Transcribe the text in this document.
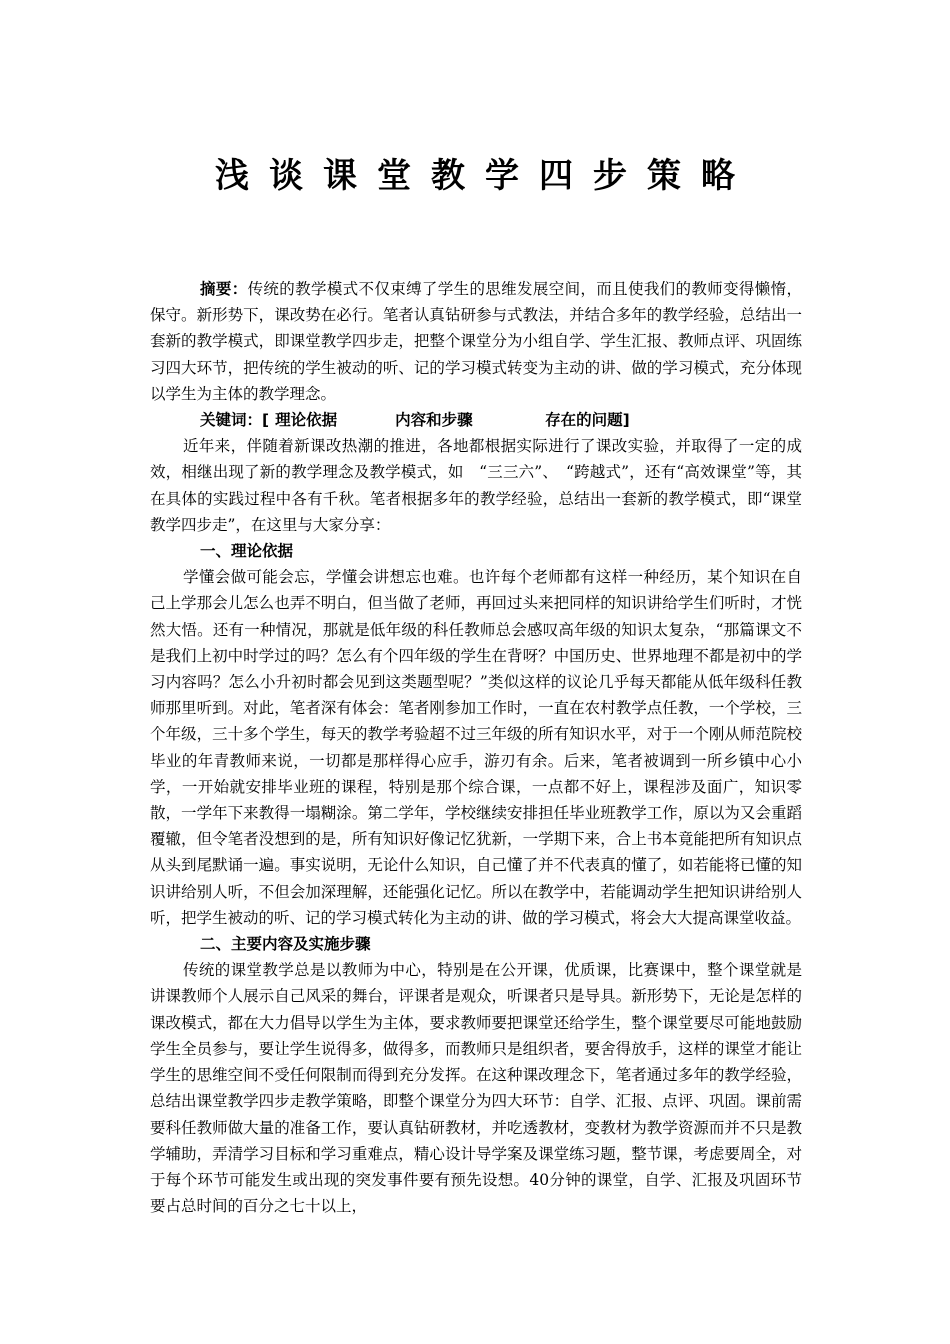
浅谈课堂教学四步策略

摘要：传统的教学模式不仅束缚了学生的思维发展空间，而且使我们的教师变得懒惰，保守。新形势下，课改势在必行。笔者认真钻研参与式教法，并结合多年的教学经验，总结出一套新的教学模式，即课堂教学四步走，把整个课堂分为小组自学、学生汇报、教师点评、巩固练习四大环节，把传统的学生被动的听、记的学习模式转变为主动的讲、做的学习模式，充分体现以学生为主体的教学理念。

关键词：[ 理论依据	内容和步骤	存在的问题]

近年来，伴随着新课改热潮的推进，各地都根据实际进行了课改实验，并取得了一定的成效，相继出现了新的教学理念及教学模式，如　“三三六”、　“跨越式”，还有“高效课堂”等，其在具体的实践过程中各有千秋。笔者根据多年的教学经验，总结出一套新的教学模式，即“课堂教学四步走”，在这里与大家分享：

一、理论依据

学懂会做可能会忘，学懂会讲想忘也难。也许每个老师都有这样一种经历，某个知识在自己上学那会儿怎么也弄不明白，但当做了老师，再回过头来把同样的知识讲给学生们听时，才恍然大悟。还有一种情况，那就是低年级的科任教师总会感叹高年级的知识太复杂，“那篇课文不是我们上初中时学过的吗？怎么有个四年级的学生在背呀？中国历史、世界地理不都是初中的学习内容吗？怎么小升初时都会见到这类题型呢？”类似这样的议论几乎每天都能从低年级科任教师那里听到。对此，笔者深有体会：笔者刚参加工作时，一直在农村教学点任教，一个学校，三个年级，三十多个学生，每天的教学考验超不过三年级的所有知识水平，对于一个刚从师范院校毕业的年青教师来说，一切都是那样得心应手，游刃有余。后来，笔者被调到一所乡镇中心小学，一开始就安排毕业班的课程，特别是那个综合课，一点都不好上，课程涉及面广，知识零散，一学年下来教得一塌糊涂。第二学年，学校继续安排担任毕业班教学工作，原以为又会重蹈覆辙，但令笔者没想到的是，所有知识好像记忆犹新，一学期下来，合上书本竟能把所有知识点从头到尾默诵一遍。事实说明，无论什么知识，自己懂了并不代表真的懂了，如若能将已懂的知识讲给别人听，不但会加深理解，还能强化记忆。所以在教学中，若能调动学生把知识讲给别人听，把学生被动的听、记的学习模式转化为主动的讲、做的学习模式，将会大大提高课堂收益。

二、主要内容及实施步骤

传统的课堂教学总是以教师为中心，特别是在公开课，优质课，比赛课中，整个课堂就是讲课教师个人展示自己风采的舞台，评课者是观众，听课者只是导具。新形势下，无论是怎样的课改模式，都在大力倡导以学生为主体，要求教师要把课堂还给学生，整个课堂要尽可能地鼓励学生全员参与，要让学生说得多，做得多，而教师只是组织者，要舍得放手，这样的课堂才能让学生的思维空间不受任何限制而得到充分发挥。在这种课改理念下，笔者通过多年的教学经验，总结出课堂教学四步走教学策略，即整个课堂分为四大环节：自学、汇报、点评、巩固。课前需要科任教师做大量的准备工作，要认真钻研教材，并吃透教材，变教材为教学资源而并不只是教学辅助，弄清学习目标和学习重难点，精心设计导学案及课堂练习题，整节课，考虑要周全，对于每个环节可能发生或出现的突发事件要有预先设想。40分钟的课堂，自学、汇报及巩固环节要占总时间的百分之七十以上，
